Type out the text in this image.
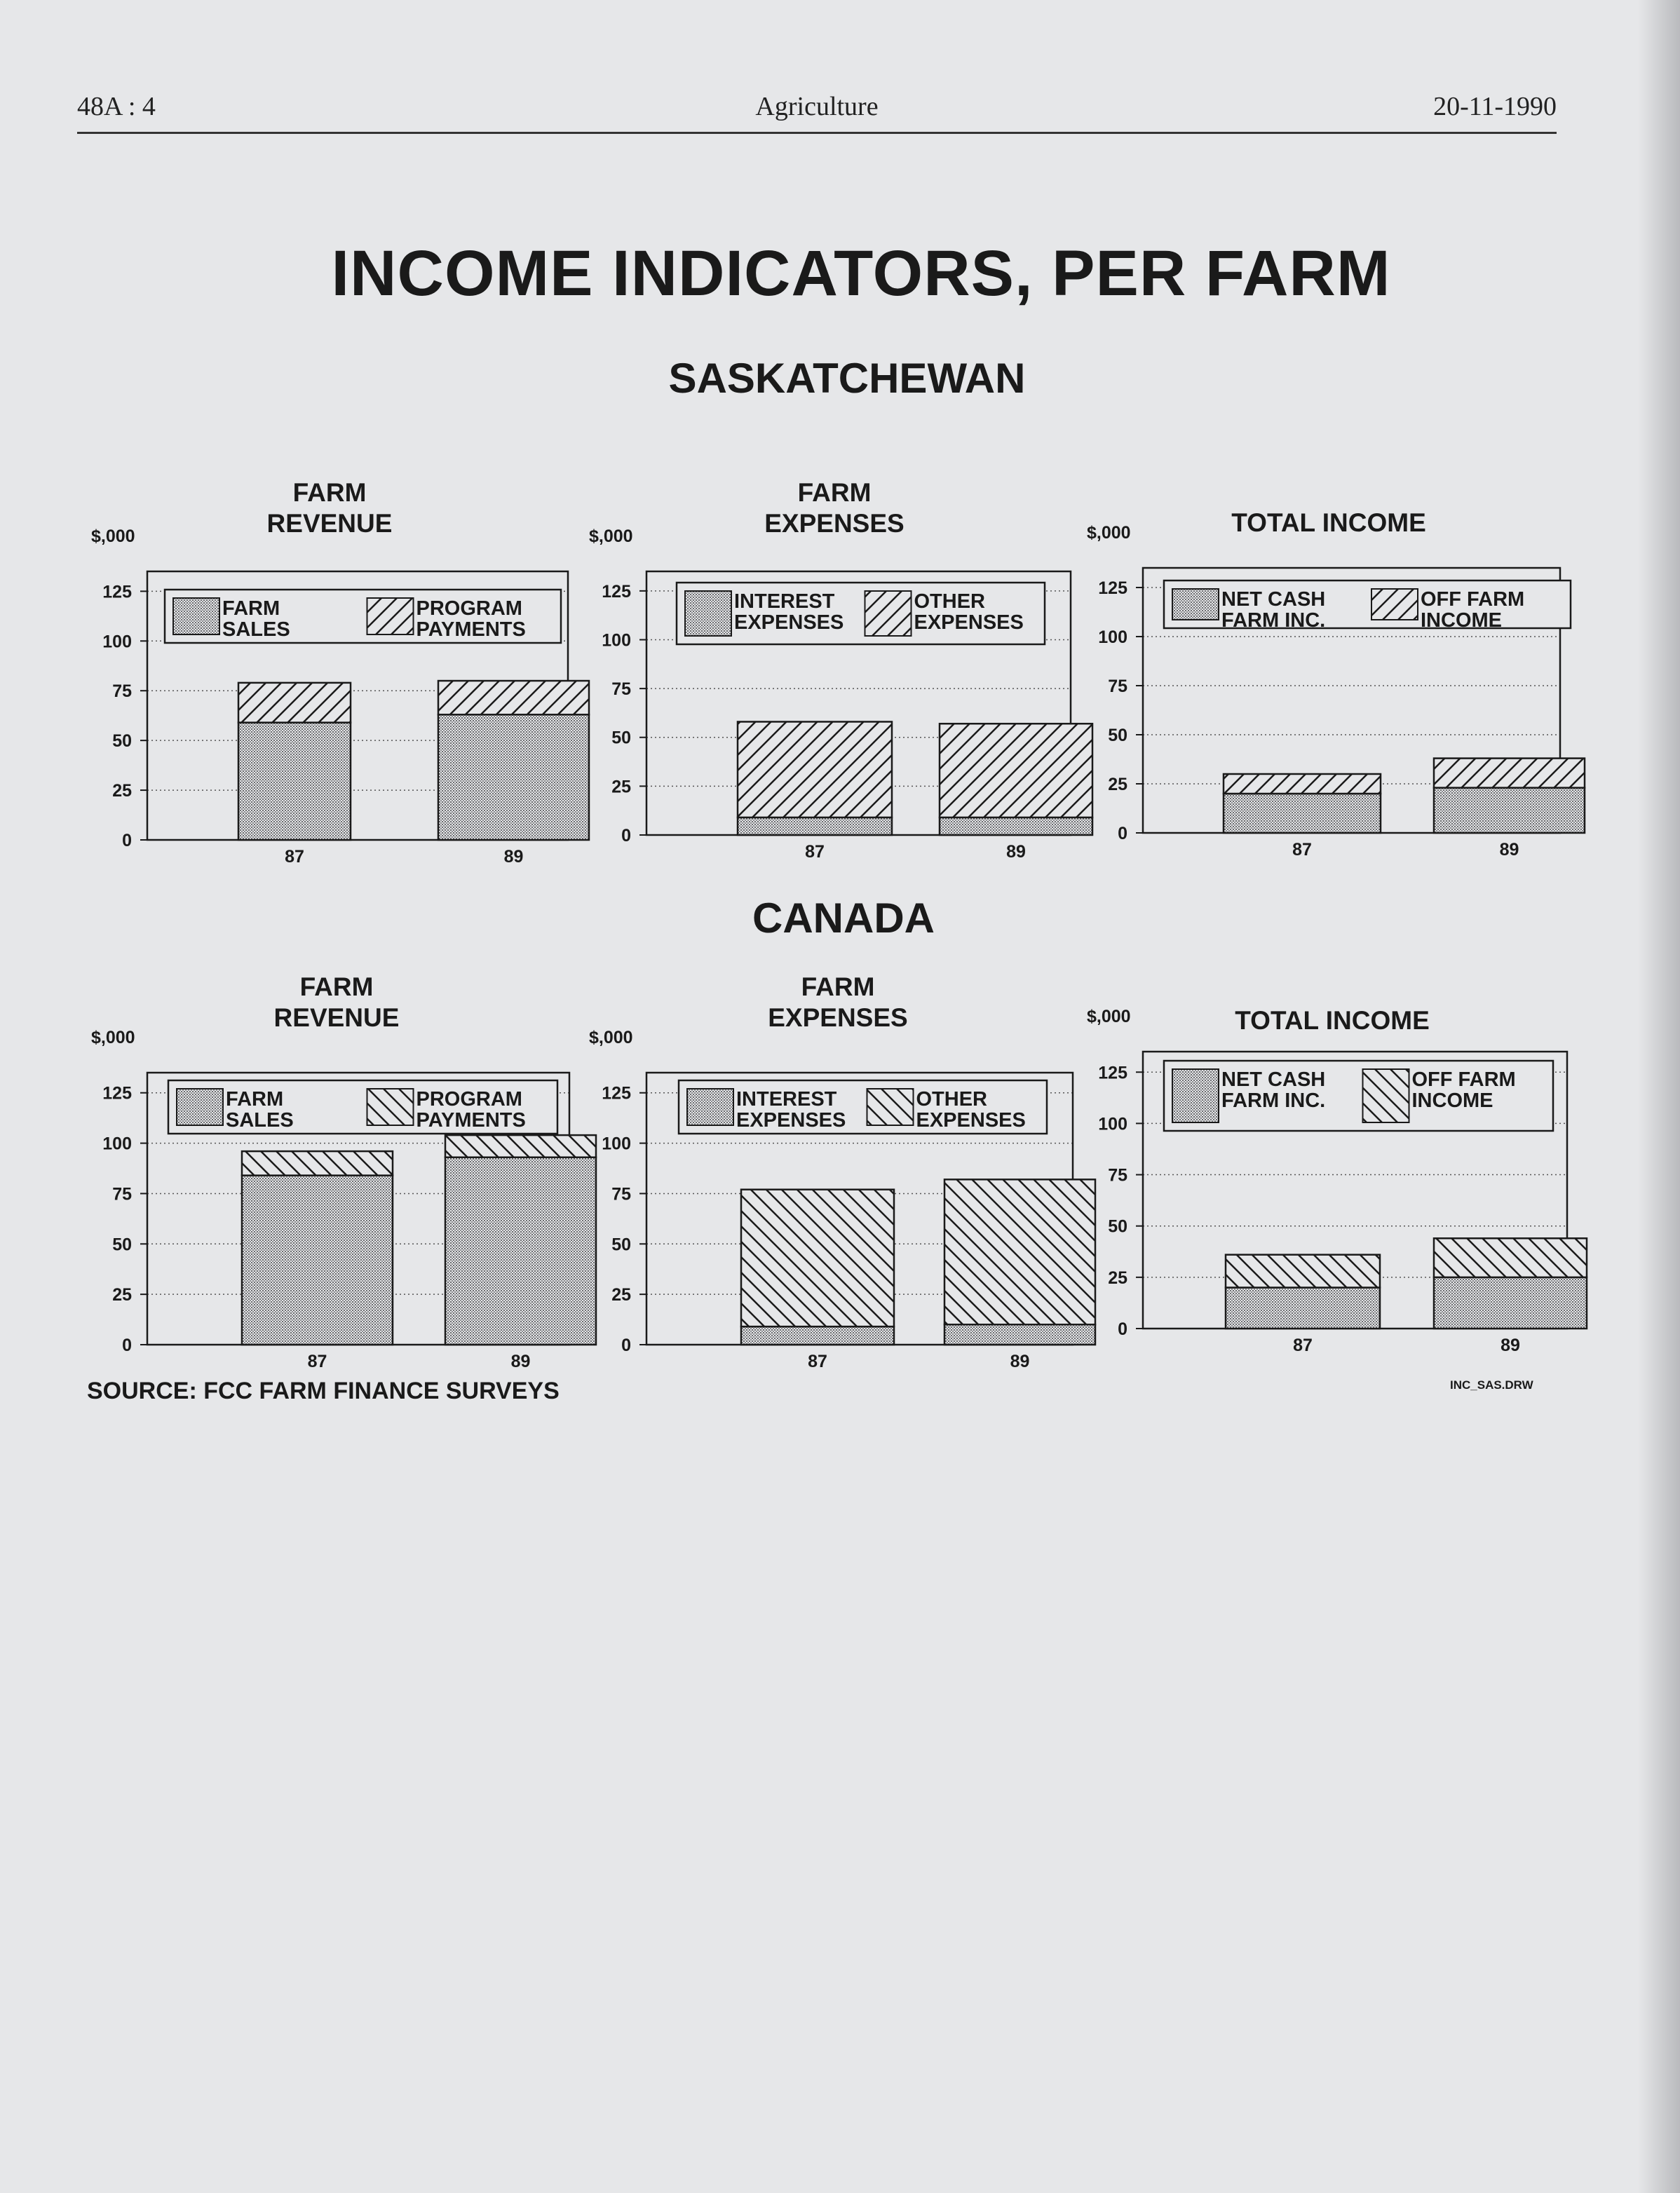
48A : 4	Agriculture	20-11-1990
INCOME INDICATORS, PER FARM
SASKATCHEWAN
CANADA
FARM
REVENUE
$,000
0
25
50
75
100
125
87	89
FARM
SALES
PROGRAM
PAYMENTS
FARM
EXPENSES
$,000
0
25
50
75
100
125
87	89
INTEREST
EXPENSES
OTHER
EXPENSES
TOTAL INCOME
$,000
0
25
50
75
100
125
87	89
NET CASH
FARM INC.
OFF FARM
INCOME
FARM
REVENUE
$,000
0
25
50
75
100
125
87	89
FARM
SALES
PROGRAM
PAYMENTS
FARM
EXPENSES
$,000
0
25
50
75
100
125
87	89
INTEREST
EXPENSES
OTHER
EXPENSES
TOTAL INCOME
$,000
0
25
50
75
100
125
87	89
NET CASH
FARM INC.
OFF FARM
INCOME
SOURCE: FCC FARM FINANCE SURVEYS	INC_SAS.DRW
